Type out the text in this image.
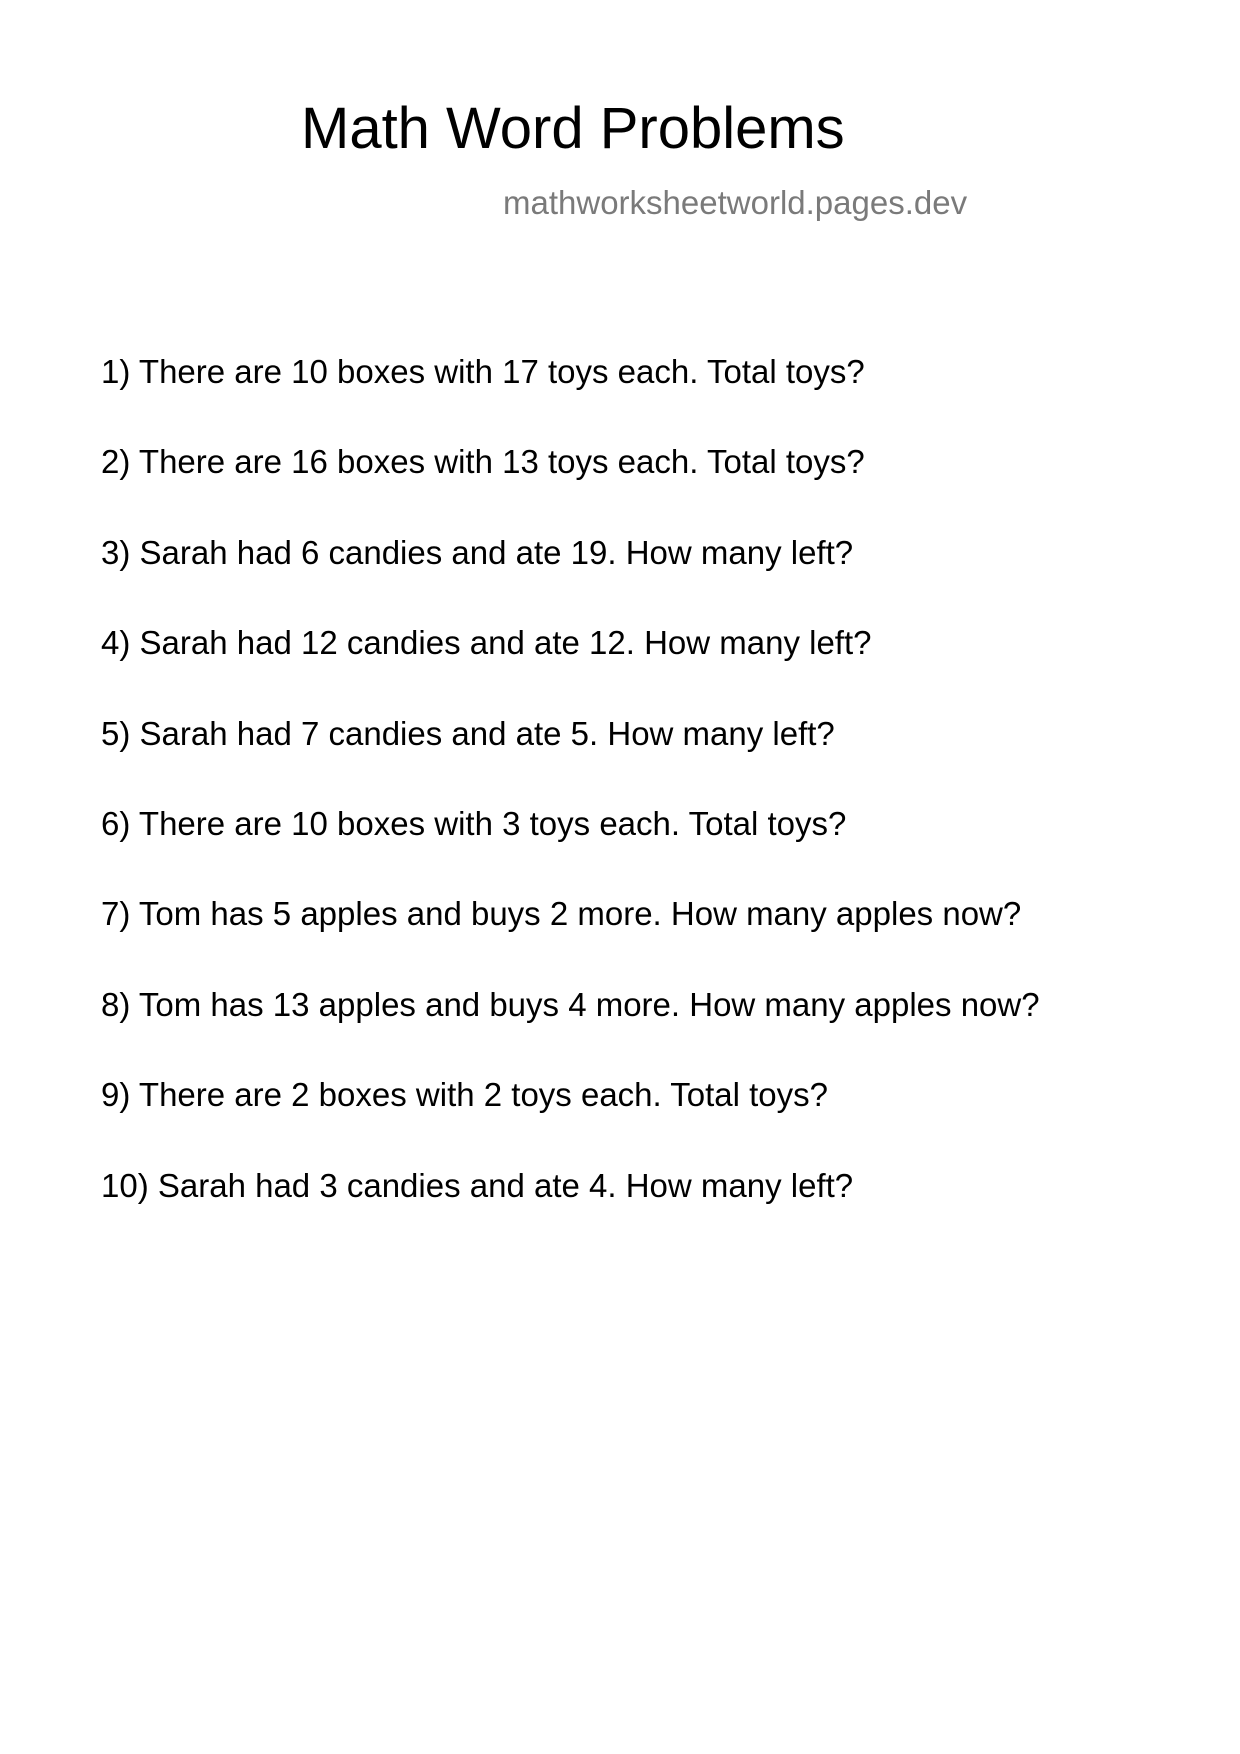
Math Word Problems
mathworksheetworld.pages.dev
1) There are 10 boxes with 17 toys each. Total toys?
2) There are 16 boxes with 13 toys each. Total toys?
3) Sarah had 6 candies and ate 19. How many left?
4) Sarah had 12 candies and ate 12. How many left?
5) Sarah had 7 candies and ate 5. How many left?
6) There are 10 boxes with 3 toys each. Total toys?
7) Tom has 5 apples and buys 2 more. How many apples now?
8) Tom has 13 apples and buys 4 more. How many apples now?
9) There are 2 boxes with 2 toys each. Total toys?
10) Sarah had 3 candies and ate 4. How many left?
